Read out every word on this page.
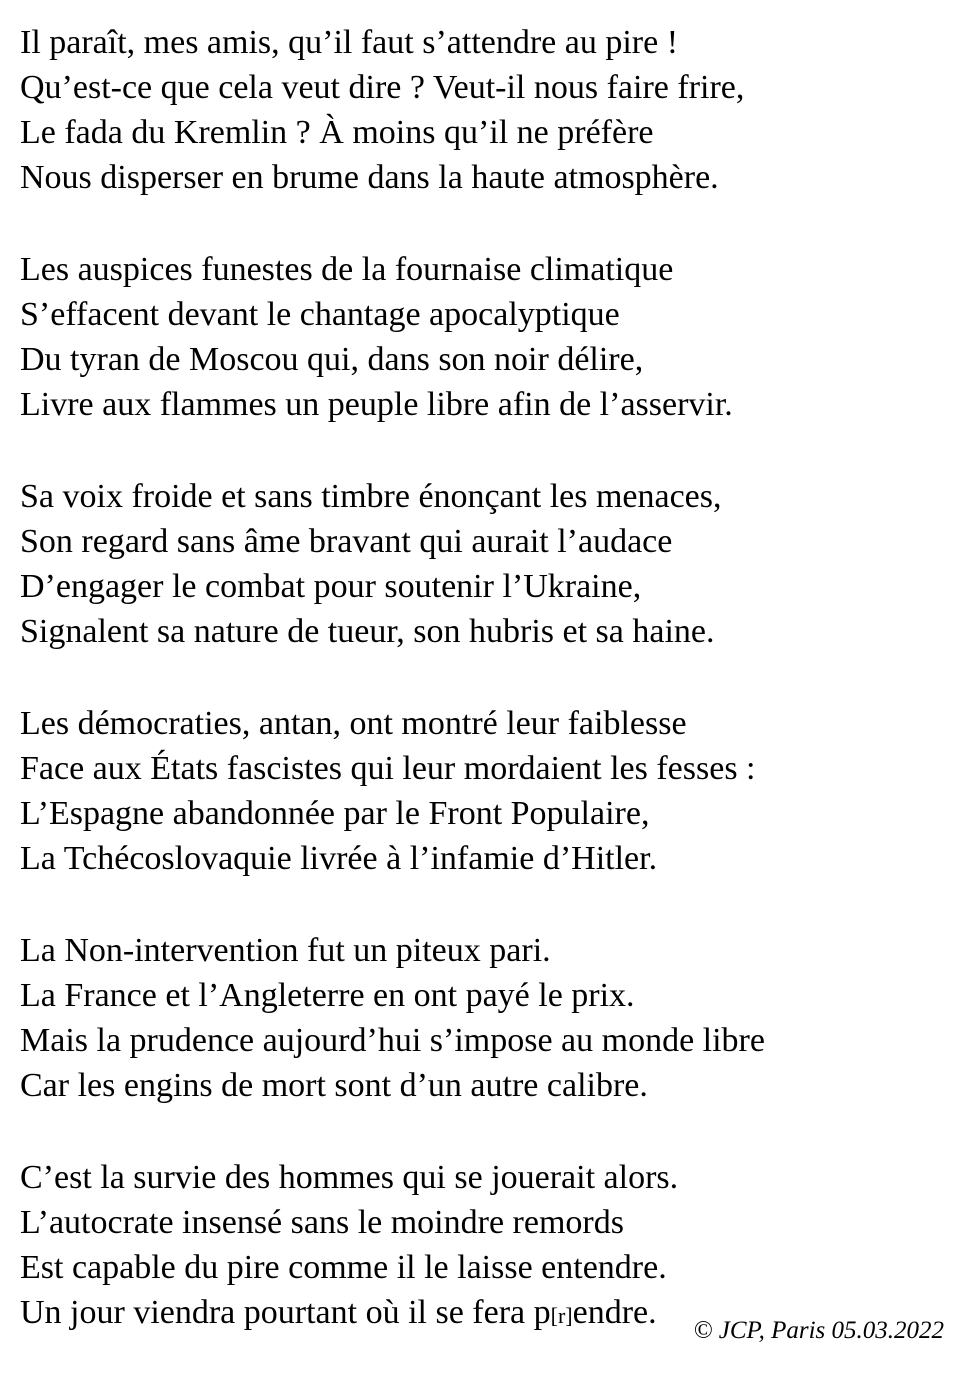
Il paraît, mes amis, qu’il faut s’attendre au pire !
Qu’est-ce que cela veut dire ? Veut-il nous faire frire,
Le fada du Kremlin ? À moins qu’il ne préfère
Nous disperser en brume dans la haute atmosphère.
Les auspices funestes de la fournaise climatique
S’effacent devant le chantage apocalyptique
Du tyran de Moscou qui, dans son noir délire,
Livre aux flammes un peuple libre afin de l’asservir.
Sa voix froide et sans timbre énonçant les menaces,
Son regard sans âme bravant qui aurait l’audace
D’engager le combat pour soutenir l’Ukraine,
Signalent sa nature de tueur, son hubris et sa haine.
Les démocraties, antan, ont montré leur faiblesse
Face aux États fascistes qui leur mordaient les fesses :
L’Espagne abandonnée par le Front Populaire,
La Tchécoslovaquie livrée à l’infamie d’Hitler.
La Non-intervention fut un piteux pari.
La France et l’Angleterre en ont payé le prix.
Mais la prudence aujourd’hui s’impose au monde libre
Car les engins de mort sont d’un autre calibre.
C’est la survie des hommes qui se jouerait alors.
L’autocrate insensé sans le moindre remords
Est capable du pire comme il le laisse entendre.
Un jour viendra pourtant où il se fera p[r]endre.	© JCP, Paris 05.03.2022
